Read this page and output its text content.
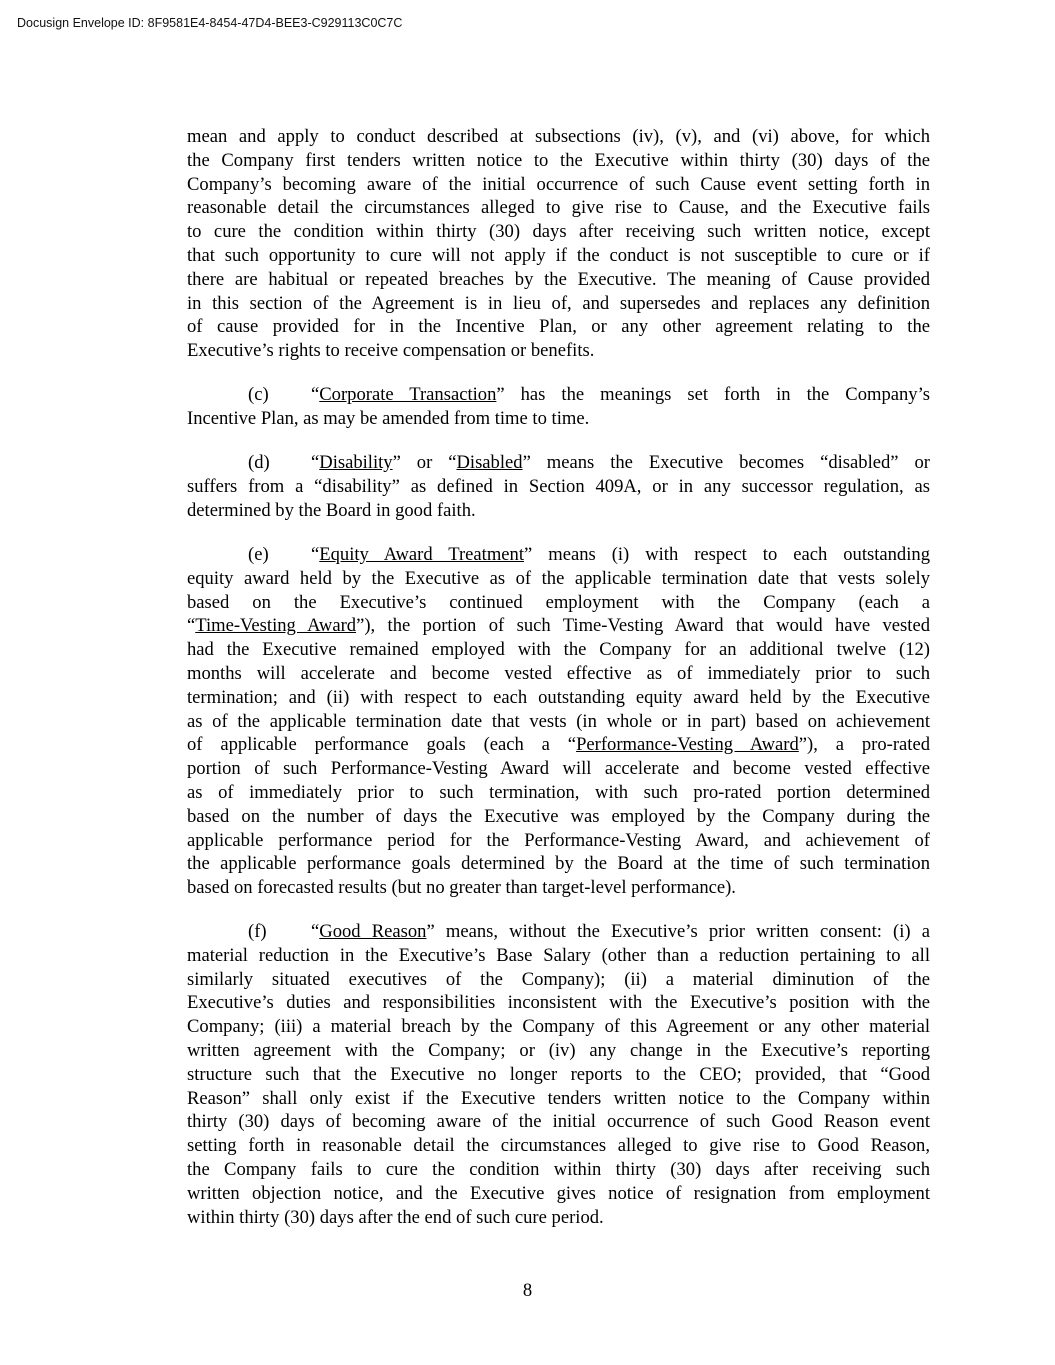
Docusign Envelope ID: 8F9581E4-8454-47D4-BEE3-C929113C0C7C
mean and apply to conduct described at subsections (iv), (v), and (vi) above, for which
the Company first tenders written notice to the Executive within thirty (30) days of the
Company’s becoming aware of the initial occurrence of such Cause event setting forth in
reasonable detail the circumstances alleged to give rise to Cause, and the Executive fails
to cure the condition within thirty (30) days after receiving such written notice, except
that such opportunity to cure will not apply if the conduct is not susceptible to cure or if
there are habitual or repeated breaches by the Executive. The meaning of Cause provided
in this section of the Agreement is in lieu of, and supersedes and replaces any definition
of cause provided for in the Incentive Plan, or any other agreement relating to the
Executive’s rights to receive compensation or benefits.
(c) “Corporate Transaction” has the meanings set forth in the Company’s
Incentive Plan, as may be amended from time to time.
(d) “Disability” or “Disabled” means the Executive becomes “disabled” or
suffers from a “disability” as defined in Section 409A, or in any successor regulation, as
determined by the Board in good faith.
(e) “Equity Award Treatment” means (i) with respect to each outstanding
equity award held by the Executive as of the applicable termination date that vests solely
based on the Executive’s continued employment with the Company (each a
“Time-Vesting Award”), the portion of such Time-Vesting Award that would have vested
had the Executive remained employed with the Company for an additional twelve (12)
months will accelerate and become vested effective as of immediately prior to such
termination; and (ii) with respect to each outstanding equity award held by the Executive
as of the applicable termination date that vests (in whole or in part) based on achievement
of applicable performance goals (each a “Performance-Vesting Award”), a pro-rated
portion of such Performance-Vesting Award will accelerate and become vested effective
as of immediately prior to such termination, with such pro-rated portion determined
based on the number of days the Executive was employed by the Company during the
applicable performance period for the Performance-Vesting Award, and achievement of
the applicable performance goals determined by the Board at the time of such termination
based on forecasted results (but no greater than target-level performance).
(f) “Good Reason” means, without the Executive’s prior written consent: (i) a
material reduction in the Executive’s Base Salary (other than a reduction pertaining to all
similarly situated executives of the Company); (ii) a material diminution of the
Executive’s duties and responsibilities inconsistent with the Executive’s position with the
Company; (iii) a material breach by the Company of this Agreement or any other material
written agreement with the Company; or (iv) any change in the Executive’s reporting
structure such that the Executive no longer reports to the CEO; provided, that “Good
Reason” shall only exist if the Executive tenders written notice to the Company within
thirty (30) days of becoming aware of the initial occurrence of such Good Reason event
setting forth in reasonable detail the circumstances alleged to give rise to Good Reason,
the Company fails to cure the condition within thirty (30) days after receiving such
written objection notice, and the Executive gives notice of resignation from employment
within thirty (30) days after the end of such cure period.
8
